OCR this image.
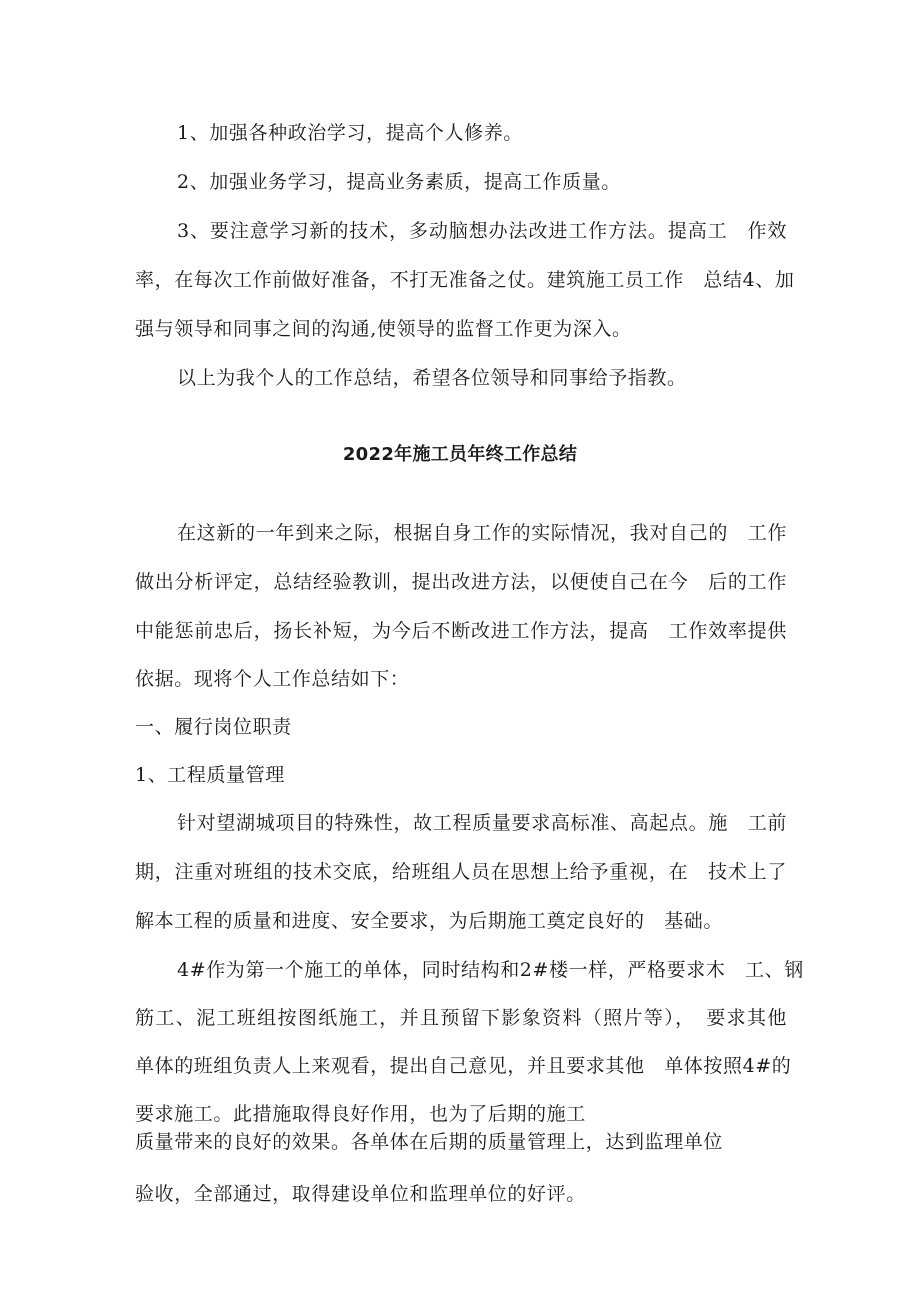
1、加强各种政治学习，提高个人修养。
2、加强业务学习，提高业务素质，提高工作质量。
3、要注意学习新的技术，多动脑想办法改进工作方法。提高工　作效
率，在每次工作前做好准备，不打无准备之仗。建筑施工员工作　总结4、加
强与领导和同事之间的沟通,使领导的监督工作更为深入。
以上为我个人的工作总结，希望各位领导和同事给予指教。
2022年施工员年终工作总结
在这新的一年到来之际，根据自身工作的实际情况，我对自己的　工作
做出分析评定，总结经验教训，提出改进方法，以便使自己在今　后的工作
中能惩前忠后，扬长补短，为今后不断改进工作方法，提高　工作效率提供
依据。现将个人工作总结如下：
一、履行岗位职责
1、工程质量管理
针对望湖城项目的特殊性，故工程质量要求高标准、高起点。施　工前
期，注重对班组的技术交底，给班组人员在思想上给予重视，在　技术上了
解本工程的质量和进度、安全要求，为后期施工奠定良好的　基础。
4#作为第一个施工的单体，同时结构和2#楼一样，严格要求木　工、钢
筋工、泥工班组按图纸施工，并且预留下影象资料（照片等），　要求其他
单体的班组负责人上来观看，提出自己意见，并且要求其他　单体按照4#的
要求施工。此措施取得良好作用，也为了后期的施工
质量带来的良好的效果。各单体在后期的质量管理上，达到监理单位
验收，全部通过，取得建设单位和监理单位的好评。
